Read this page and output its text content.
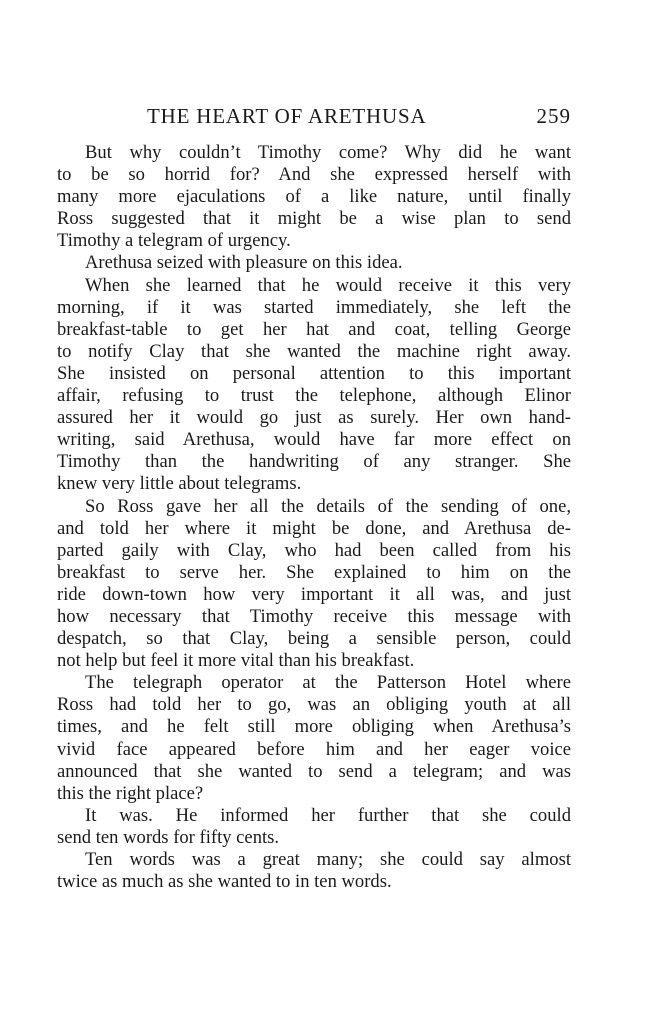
THE HEART OF ARETHUSA	259
But why couldn’t Timothy come? Why did he want
to be so horrid for? And she expressed herself with
many more ejaculations of a like nature, until finally
Ross suggested that it might be a wise plan to send
Timothy a telegram of urgency.
Arethusa seized with pleasure on this idea.
When she learned that he would receive it this very
morning, if it was started immediately, she left the
breakfast-table to get her hat and coat, telling George
to notify Clay that she wanted the machine right away.
She insisted on personal attention to this important
affair, refusing to trust the telephone, although Elinor
assured her it would go just as surely. Her own hand-
writing, said Arethusa, would have far more effect on
Timothy than the handwriting of any stranger. She
knew very little about telegrams.
So Ross gave her all the details of the sending of one,
and told her where it might be done, and Arethusa de-
parted gaily with Clay, who had been called from his
breakfast to serve her. She explained to him on the
ride down-town how very important it all was, and just
how necessary that Timothy receive this message with
despatch, so that Clay, being a sensible person, could
not help but feel it more vital than his breakfast.
The telegraph operator at the Patterson Hotel where
Ross had told her to go, was an obliging youth at all
times, and he felt still more obliging when Arethusa’s
vivid face appeared before him and her eager voice
announced that she wanted to send a telegram; and was
this the right place?
It was. He informed her further that she could
send ten words for fifty cents.
Ten words was a great many; she could say almost
twice as much as she wanted to in ten words.
